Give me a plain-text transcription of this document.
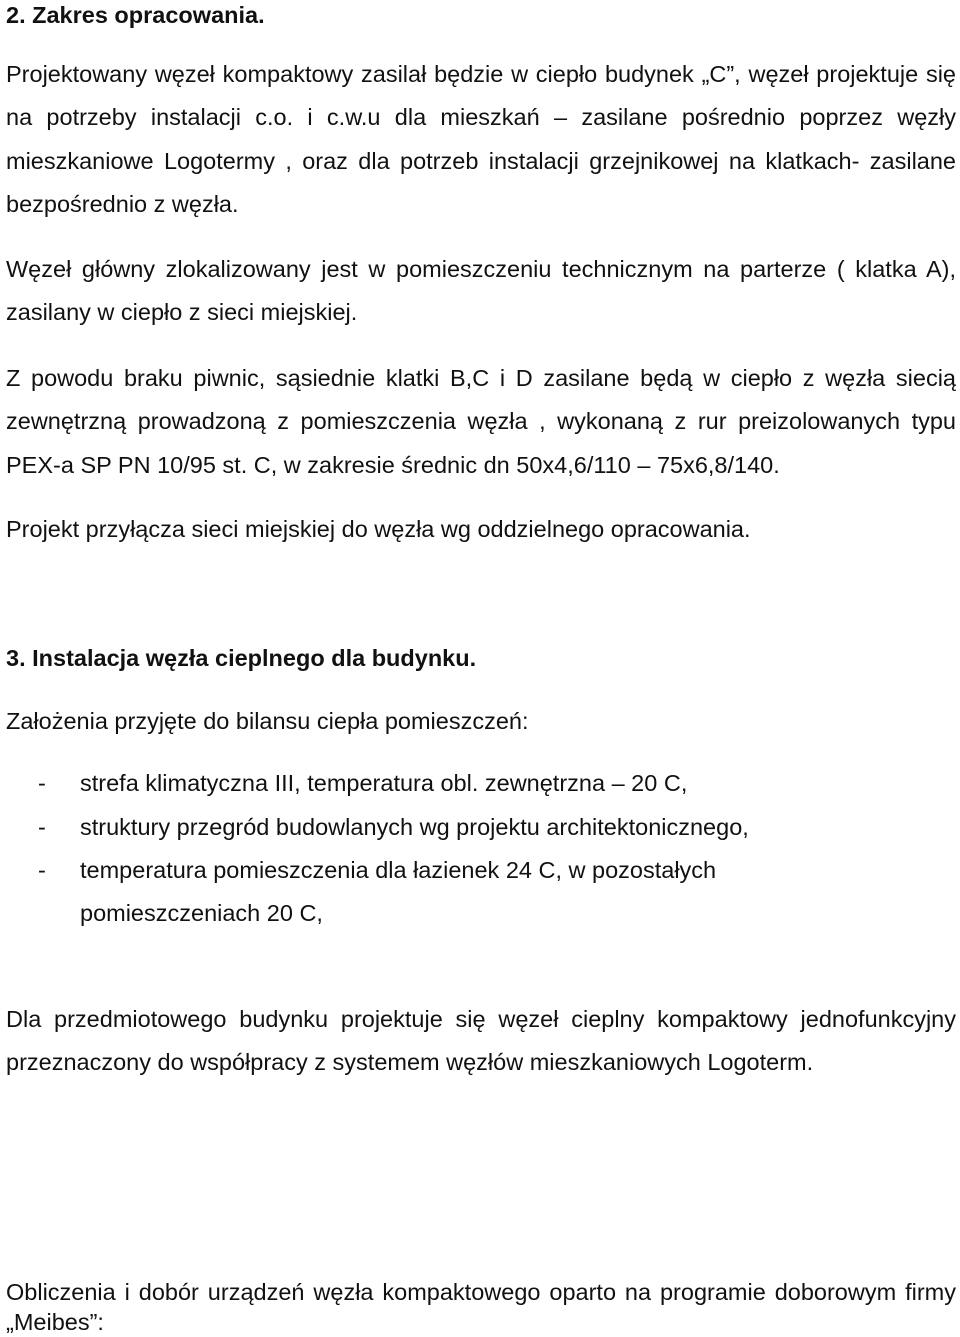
2. Zakres opracowania.
Projektowany węzeł kompaktowy zasilał będzie w ciepło budynek „C”, węzeł projektuje się na potrzeby instalacji c.o. i c.w.u dla mieszkań – zasilane pośrednio poprzez węzły mieszkaniowe Logotermy , oraz dla potrzeb instalacji grzejnikowej na klatkach- zasilane bezpośrednio z węzła.
Węzeł główny zlokalizowany jest w pomieszczeniu technicznym na parterze ( klatka A), zasilany w ciepło z sieci miejskiej.
Z powodu braku piwnic, sąsiednie klatki B,C i D zasilane będą w ciepło z węzła siecią zewnętrzną prowadzoną z pomieszczenia węzła , wykonaną z rur preizolowanych typu PEX-a SP PN 10/95 st. C, w zakresie średnic dn 50x4,6/110 – 75x6,8/140.
Projekt przyłącza sieci miejskiej do węzła wg oddzielnego opracowania.
3. Instalacja węzła cieplnego dla budynku.
Założenia przyjęte do bilansu ciepła pomieszczeń:
- strefa klimatyczna III, temperatura obl. zewnętrzna – 20 C,
- struktury przegród budowlanych wg projektu architektonicznego,
- temperatura pomieszczenia dla łazienek 24 C, w pozostałych pomieszczeniach 20 C,
Dla przedmiotowego budynku projektuje się węzeł cieplny kompaktowy jednofunkcyjny przeznaczony do współpracy z systemem węzłów mieszkaniowych Logoterm.
Obliczenia i dobór urządzeń węzła kompaktowego oparto na programie doborowym firmy „Meibes”:
